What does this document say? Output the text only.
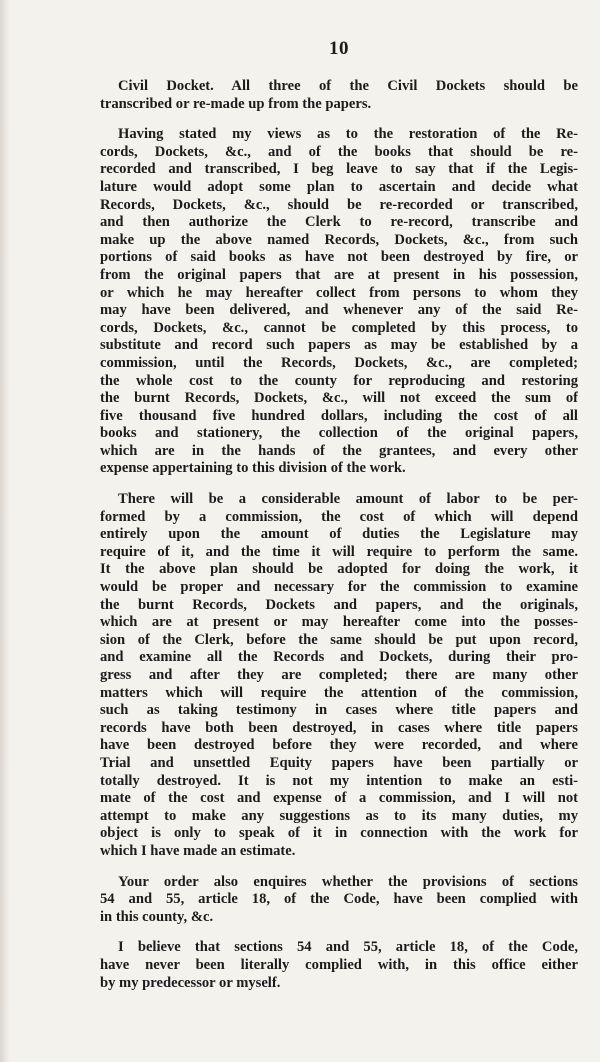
10
Civil Docket. All three of the Civil Dockets should be
transcribed or re-made up from the papers.
Having stated my views as to the restoration of the Re-
cords, Dockets, &c., and of the books that should be re-
recorded and transcribed, I beg leave to say that if the Legis-
lature would adopt some plan to ascertain and decide what
Records, Dockets, &c., should be re-recorded or transcribed,
and then authorize the Clerk to re-record, transcribe and
make up the above named Records, Dockets, &c., from such
portions of said books as have not been destroyed by fire, or
from the original papers that are at present in his possession,
or which he may hereafter collect from persons to whom they
may have been delivered, and whenever any of the said Re-
cords, Dockets, &c., cannot be completed by this process, to
substitute and record such papers as may be established by a
commission, until the Records, Dockets, &c., are completed;
the whole cost to the county for reproducing and restoring
the burnt Records, Dockets, &c., will not exceed the sum of
five thousand five hundred dollars, including the cost of all
books and stationery, the collection of the original papers,
which are in the hands of the grantees, and every other
expense appertaining to this division of the work.
There will be a considerable amount of labor to be per-
formed by a commission, the cost of which will depend
entirely upon the amount of duties the Legislature may
require of it, and the time it will require to perform the same.
It the above plan should be adopted for doing the work, it
would be proper and necessary for the commission to examine
the burnt Records, Dockets and papers, and the originals,
which are at present or may hereafter come into the posses-
sion of the Clerk, before the same should be put upon record,
and examine all the Records and Dockets, during their pro-
gress and after they are completed; there are many other
matters which will require the attention of the commission,
such as taking testimony in cases where title papers and
records have both been destroyed, in cases where title papers
have been destroyed before they were recorded, and where
Trial and unsettled Equity papers have been partially or
totally destroyed. It is not my intention to make an esti-
mate of the cost and expense of a commission, and I will not
attempt to make any suggestions as to its many duties, my
object is only to speak of it in connection with the work for
which I have made an estimate.
Your order also enquires whether the provisions of sections
54 and 55, article 18, of the Code, have been complied with
in this county, &c.
I believe that sections 54 and 55, article 18, of the Code,
have never been literally complied with, in this office either
by my predecessor or myself.
